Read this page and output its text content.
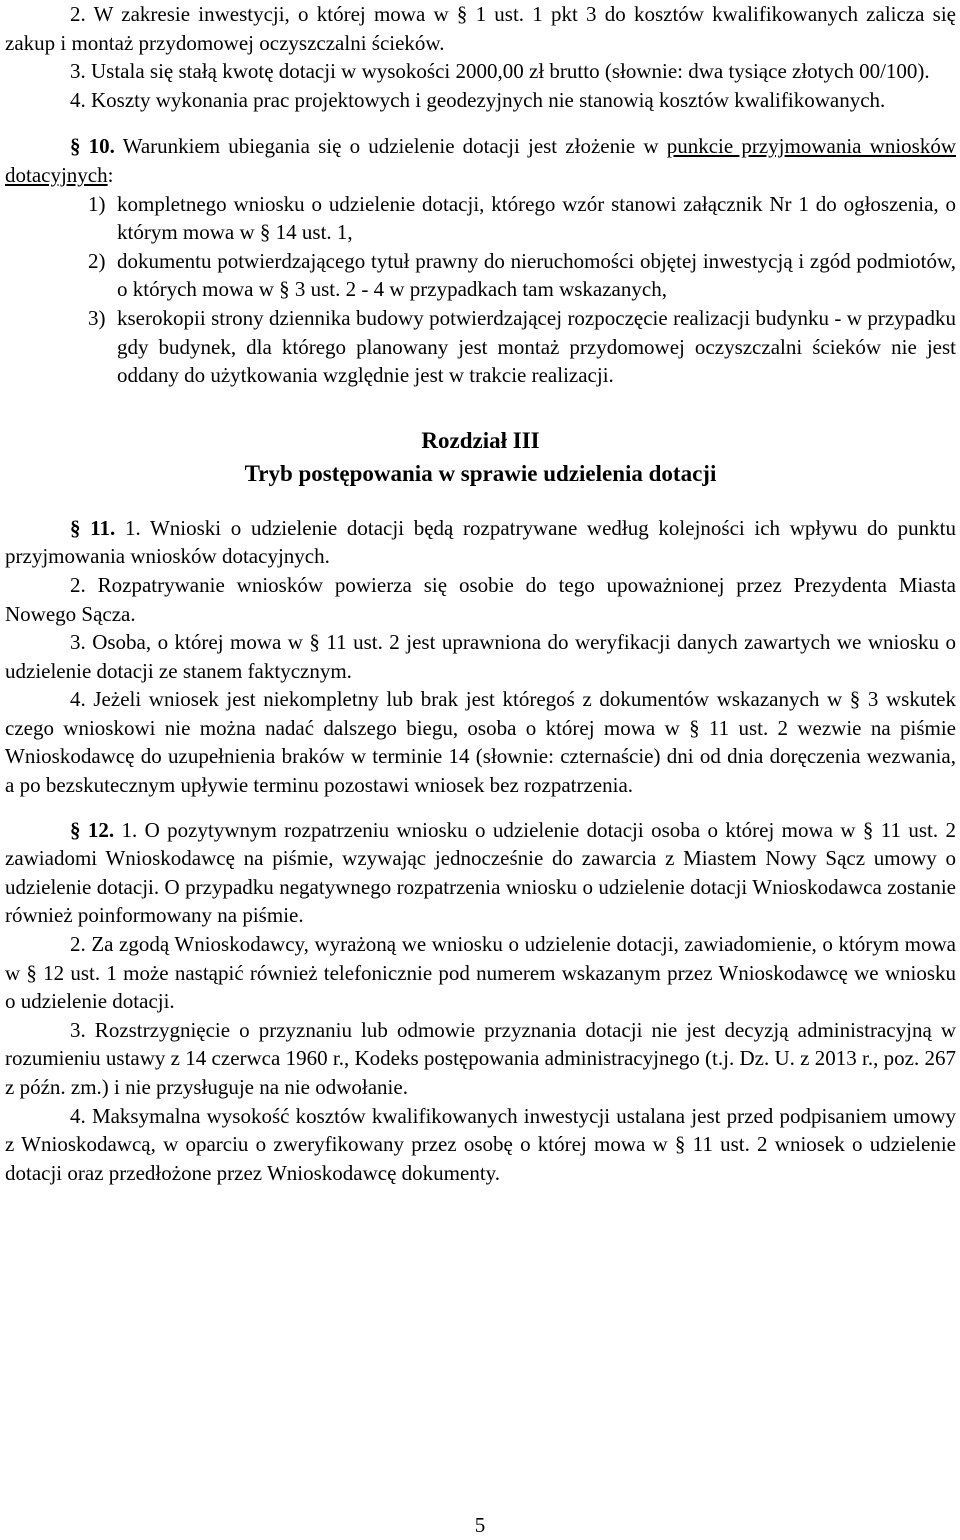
2. W zakresie inwestycji, o której mowa w § 1 ust. 1 pkt 3 do kosztów kwalifikowanych zalicza się zakup i montaż przydomowej oczyszczalni ścieków.

3. Ustala się stałą kwotę dotacji w wysokości 2000,00 zł brutto (słownie: dwa tysiące złotych 00/100).

4. Koszty wykonania prac projektowych i geodezyjnych nie stanowią kosztów kwalifikowanych.

§ 10. Warunkiem ubiegania się o udzielenie dotacji jest złożenie w punkcie przyjmowania wniosków dotacyjnych:

1) kompletnego wniosku o udzielenie dotacji, którego wzór stanowi załącznik Nr 1 do ogłoszenia, o którym mowa w § 14 ust. 1,
2) dokumentu potwierdzającego tytuł prawny do nieruchomości objętej inwestycją i zgód podmiotów, o których mowa w § 3 ust. 2 - 4 w przypadkach tam wskazanych,
3) kserokopii strony dziennika budowy potwierdzającej rozpoczęcie realizacji budynku - w przypadku gdy budynek, dla którego planowany jest montaż przydomowej oczyszczalni ścieków nie jest oddany do użytkowania względnie jest w trakcie realizacji.
Rozdział III
Tryb postępowania w sprawie udzielenia dotacji

§ 11. 1. Wnioski o udzielenie dotacji będą rozpatrywane według kolejności ich wpływu do punktu przyjmowania wniosków dotacyjnych.

2. Rozpatrywanie wniosków powierza się osobie do tego upoważnionej przez Prezydenta Miasta Nowego Sącza.

3. Osoba, o której mowa w § 11 ust. 2 jest uprawniona do weryfikacji danych zawartych we wniosku o udzielenie dotacji ze stanem faktycznym.

4. Jeżeli wniosek jest niekompletny lub brak jest któregoś z dokumentów wskazanych w § 3 wskutek czego wnioskowi nie można nadać dalszego biegu, osoba o której mowa w § 11 ust. 2 wezwie na piśmie Wnioskodawcę do uzupełnienia braków w terminie 14 (słownie: czternaście) dni od dnia doręczenia wezwania, a po bezskutecznym upływie terminu pozostawi wniosek bez rozpatrzenia.

§ 12. 1. O pozytywnym rozpatrzeniu wniosku o udzielenie dotacji osoba o której mowa w § 11 ust. 2 zawiadomi Wnioskodawcę na piśmie, wzywając jednocześnie do zawarcia z Miastem Nowy Sącz umowy o udzielenie dotacji. O przypadku negatywnego rozpatrzenia wniosku o udzielenie dotacji Wnioskodawca zostanie również poinformowany na piśmie.

2. Za zgodą Wnioskodawcy, wyrażoną we wniosku o udzielenie dotacji, zawiadomienie, o którym mowa w § 12 ust. 1 może nastąpić również telefonicznie pod numerem wskazanym przez Wnioskodawcę we wniosku o udzielenie dotacji.

3. Rozstrzygnięcie o przyznaniu lub odmowie przyznania dotacji nie jest decyzją administracyjną w rozumieniu ustawy z 14 czerwca 1960 r., Kodeks postępowania administracyjnego (t.j. Dz. U. z 2013 r., poz. 267 z późn. zm.) i nie przysługuje na nie odwołanie.

4. Maksymalna wysokość kosztów kwalifikowanych inwestycji ustalana jest przed podpisaniem umowy z Wnioskodawcą, w oparciu o zweryfikowany przez osobę o której mowa w § 11 ust. 2 wniosek o udzielenie dotacji oraz przedłożone przez Wnioskodawcę dokumenty.

5
